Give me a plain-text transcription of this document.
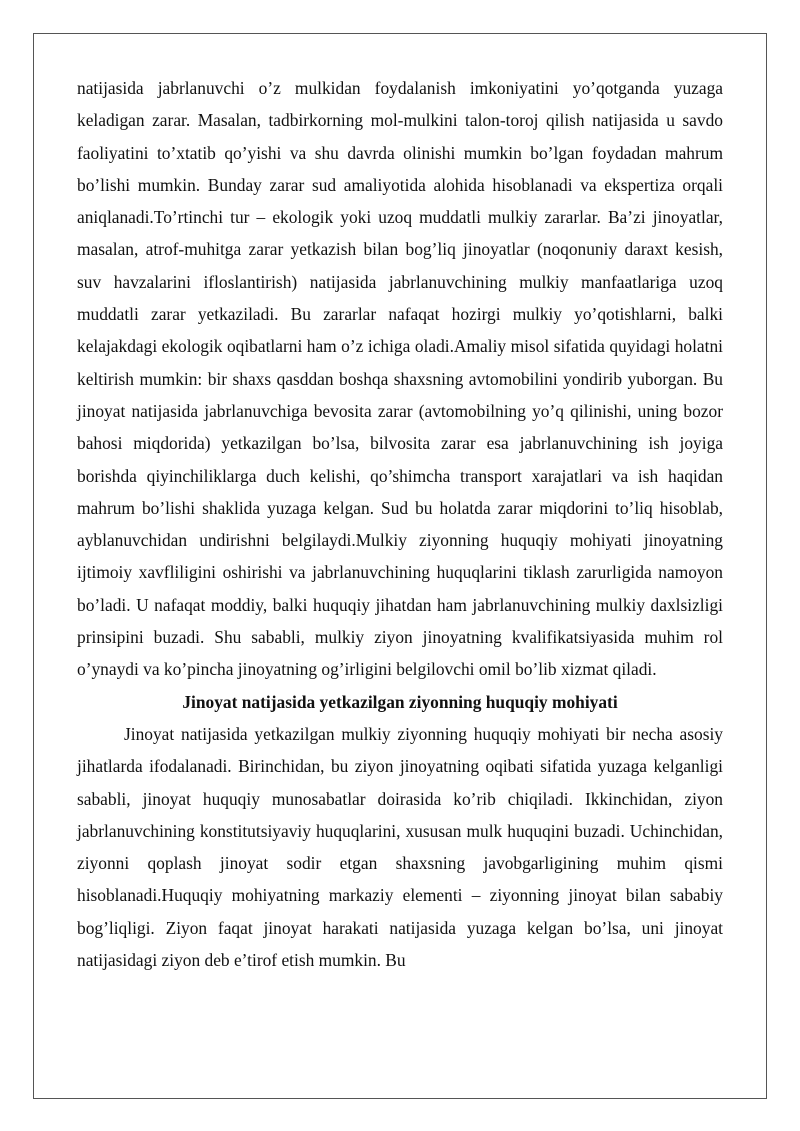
natijasida jabrlanuvchi o’z mulkidan foydalanish imkoniyatini yo’qotganda yuzaga keladigan zarar. Masalan, tadbirkorning mol-mulkini talon-toroj qilish natijasida u savdo faoliyatini to’xtatib qo’yishi va shu davrda olinishi mumkin bo’lgan foydadan mahrum bo’lishi mumkin. Bunday zarar sud amaliyotida alohida hisoblanadi va ekspertiza orqali aniqlanadi.To’rtinchi tur – ekologik yoki uzoq muddatli mulkiy zararlar. Ba’zi jinoyatlar, masalan, atrof-muhitga zarar yetkazish bilan bog’liq jinoyatlar (noqonuniy daraxt kesish, suv havzalarini ifloslantirish) natijasida jabrlanuvchining mulkiy manfaatlariga uzoq muddatli zarar yetkaziladi. Bu zararlar nafaqat hozirgi mulkiy yo’qotishlarni, balki kelajakdagi ekologik oqibatlarni ham o’z ichiga oladi.Amaliy misol sifatida quyidagi holatni keltirish mumkin: bir shaxs qasddan boshqa shaxsning avtomobilini yondirib yuborgan. Bu jinoyat natijasida jabrlanuvchiga bevosita zarar (avtomobilning yo’q qilinishi, uning bozor bahosi miqdorida) yetkazilgan bo’lsa, bilvosita zarar esa jabrlanuvchining ish joyiga borishda qiyinchiliklarga duch kelishi, qo’shimcha transport xarajatlari va ish haqidan mahrum bo’lishi shaklida yuzaga kelgan. Sud bu holatda zarar miqdorini to’liq hisoblab, ayblanuvchidan undirishni belgilaydi.Mulkiy ziyonning huquqiy mohiyati jinoyatning ijtimoiy xavfliligini oshirishi va jabrlanuvchining huquqlarini tiklash zarurligida namoyon bo’ladi. U nafaqat moddiy, balki huquqiy jihatdan ham jabrlanuvchining mulkiy daxlsizligi prinsipini buzadi. Shu sababli, mulkiy ziyon jinoyatning kvalifikatsiyasida muhim rol o’ynaydi va ko’pincha jinoyatning og’irligini belgilovchi omil bo’lib xizmat qiladi.

Jinoyat natijasida yetkazilgan ziyonning huquqiy mohiyati

Jinoyat natijasida yetkazilgan mulkiy ziyonning huquqiy mohiyati bir necha asosiy jihatlarda ifodalanadi. Birinchidan, bu ziyon jinoyatning oqibati sifatida yuzaga kelganligi sababli, jinoyat huquqiy munosabatlar doirasida ko’rib chiqiladi. Ikkinchidan, ziyon jabrlanuvchining konstitutsiyaviy huquqlarini, xususan mulk huquqini buzadi. Uchinchidan, ziyonni qoplash jinoyat sodir etgan shaxsning javobgarligining muhim qismi hisoblanadi.Huquqiy mohiyatning markaziy elementi – ziyonning jinoyat bilan sababiy bog’liqligi. Ziyon faqat jinoyat harakati natijasida yuzaga kelgan bo’lsa, uni jinoyat natijasidagi ziyon deb e’tirof etish mumkin. Bu
